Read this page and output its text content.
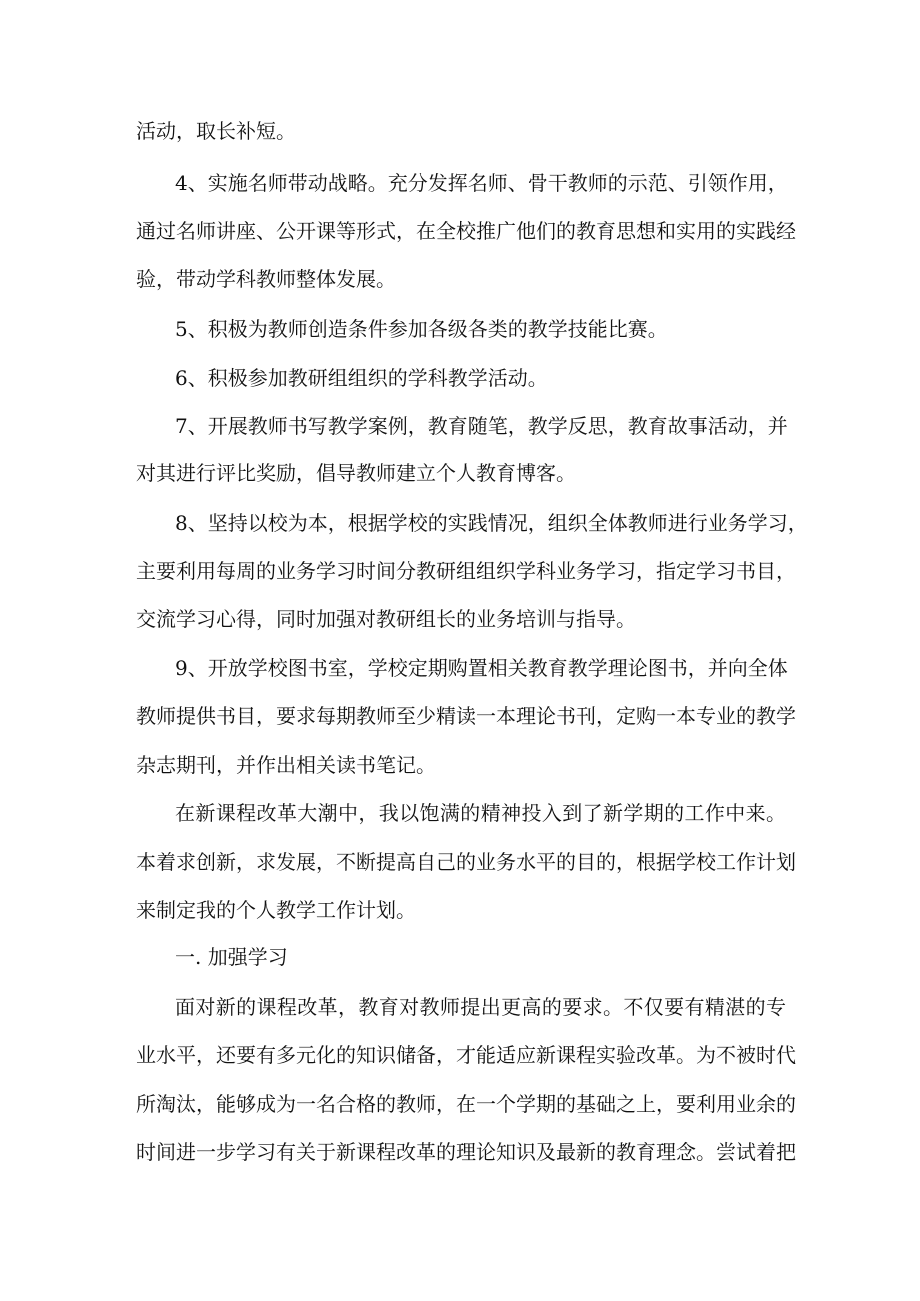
活动，取长补短。
4、实施名师带动战略。充分发挥名师、骨干教师的示范、引领作用，
通过名师讲座、公开课等形式，在全校推广他们的教育思想和实用的实践经
验，带动学科教师整体发展。
5、积极为教师创造条件参加各级各类的教学技能比赛。
6、积极参加教研组组织的学科教学活动。
7、开展教师书写教学案例，教育随笔，教学反思，教育故事活动，并
对其进行评比奖励，倡导教师建立个人教育博客。
8、坚持以校为本，根据学校的实践情况，组织全体教师进行业务学习，
主要利用每周的业务学习时间分教研组组织学科业务学习，指定学习书目，
交流学习心得，同时加强对教研组长的业务培训与指导。
9、开放学校图书室，学校定期购置相关教育教学理论图书，并向全体
教师提供书目，要求每期教师至少精读一本理论书刊，定购一本专业的教学
杂志期刊，并作出相关读书笔记。
在新课程改革大潮中，我以饱满的精神投入到了新学期的工作中来。
本着求创新，求发展，不断提高自己的业务水平的目的，根据学校工作计划
来制定我的个人教学工作计划。
一. 加强学习
面对新的课程改革，教育对教师提出更高的要求。不仅要有精湛的专
业水平，还要有多元化的知识储备，才能适应新课程实验改革。为不被时代
所淘汰，能够成为一名合格的教师，在一个学期的基础之上，要利用业余的
时间进一步学习有关于新课程改革的理论知识及最新的教育理念。尝试着把
